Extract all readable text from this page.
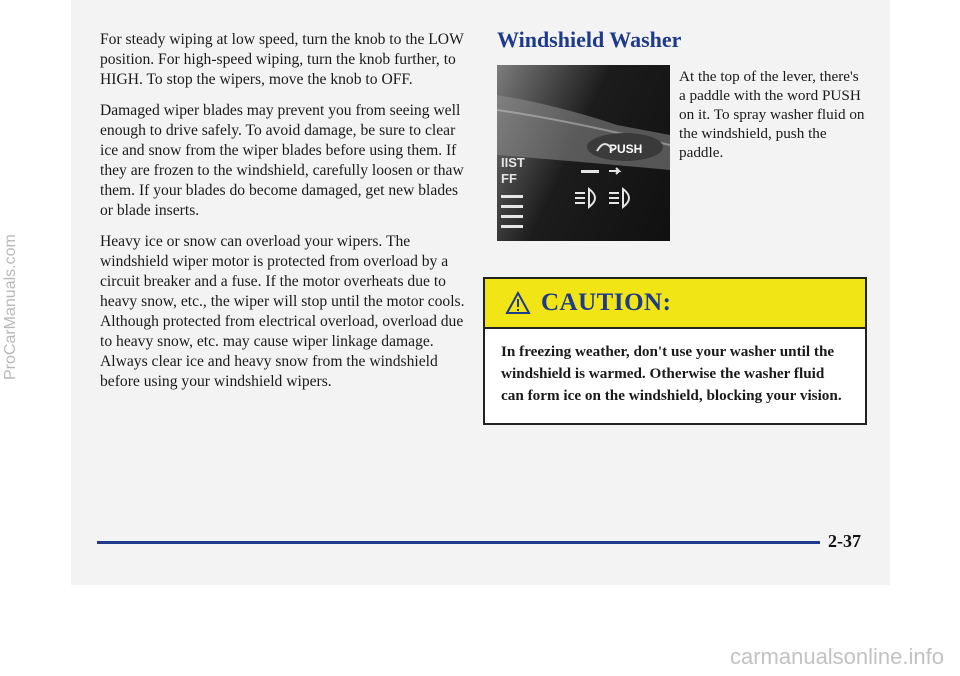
For steady wiping at low speed, turn the knob to the LOW position. For high-speed wiping, turn the knob further, to HIGH. To stop the wipers, move the knob to OFF.

Damaged wiper blades may prevent you from seeing well enough to drive safely. To avoid damage, be sure to clear ice and snow from the wiper blades before using them. If they are frozen to the windshield, carefully loosen or thaw them. If your blades do become damaged, get new blades or blade inserts.

Heavy ice or snow can overload your wipers. The windshield wiper motor is protected from overload by a circuit breaker and a fuse. If the motor overheats due to heavy snow, etc., the wiper will stop until the motor cools. Although protected from electrical overload, overload due to heavy snow, etc. may cause wiper linkage damage. Always clear ice and heavy snow from the windshield before using your windshield wipers.

Windshield Washer
PUSH
IIST
FF

At the top of the lever, there's a paddle with the word PUSH on it. To spray washer fluid on the windshield, push the paddle.

CAUTION:

In freezing weather, don't use your washer until the windshield is warmed. Otherwise the washer fluid can form ice on the windshield, blocking your vision.

2-37
ProCarManuals.com
carmanualsonline.info
